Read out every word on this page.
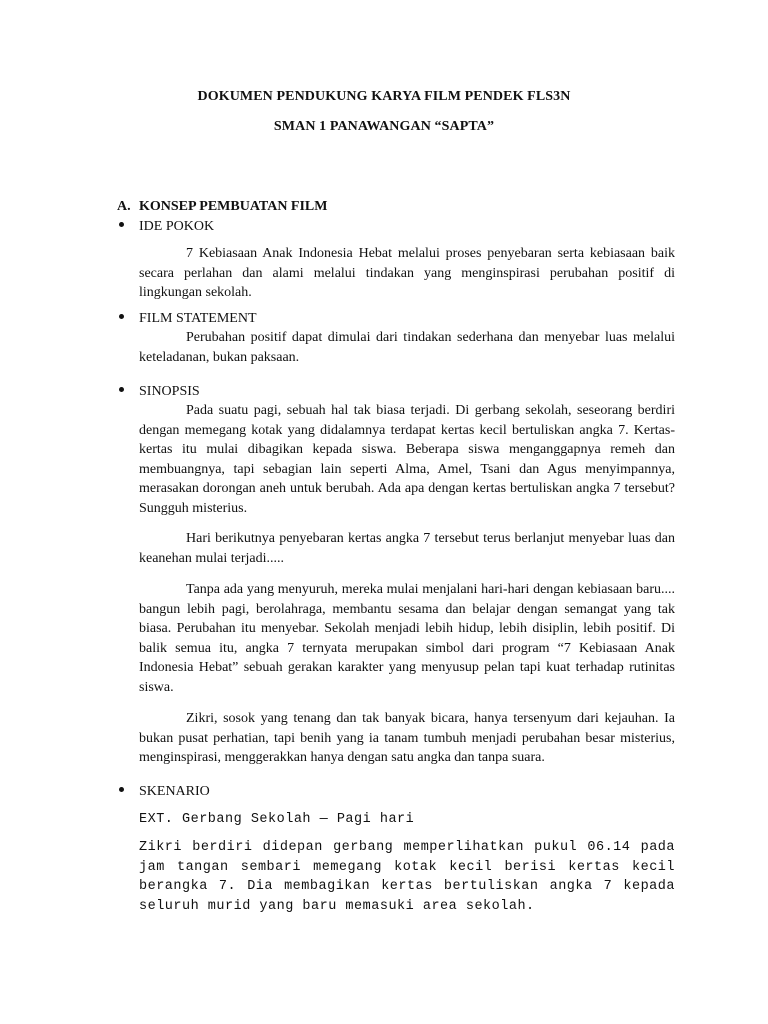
DOKUMEN PENDUKUNG KARYA FILM PENDEK FLS3N
SMAN 1 PANAWANGAN “SAPTA”
A. KONSEP PEMBUATAN FILM
IDE POKOK
7 Kebiasaan Anak Indonesia Hebat melalui proses penyebaran serta kebiasaan baik secara perlahan dan alami melalui tindakan yang menginspirasi perubahan positif di lingkungan sekolah.
FILM STATEMENT
Perubahan positif dapat dimulai dari tindakan sederhana dan menyebar luas melalui keteladanan, bukan paksaan.
SINOPSIS
Pada suatu pagi, sebuah hal tak biasa terjadi. Di gerbang sekolah, seseorang berdiri dengan memegang kotak yang didalamnya terdapat kertas kecil bertuliskan angka 7. Kertas-kertas itu mulai dibagikan kepada siswa. Beberapa siswa menganggapnya remeh dan membuangnya, tapi sebagian lain seperti Alma, Amel, Tsani dan Agus menyimpannya, merasakan dorongan aneh untuk berubah. Ada apa dengan kertas bertuliskan angka 7 tersebut? Sungguh misterius.
Hari berikutnya penyebaran kertas angka 7 tersebut terus berlanjut menyebar luas dan keanehan mulai terjadi.....
Tanpa ada yang menyuruh, mereka mulai menjalani hari-hari dengan kebiasaan baru.... bangun lebih pagi, berolahraga, membantu sesama dan belajar dengan semangat yang tak biasa. Perubahan itu menyebar. Sekolah menjadi lebih hidup, lebih disiplin, lebih positif. Di balik semua itu, angka 7 ternyata merupakan simbol dari program “7 Kebiasaan Anak Indonesia Hebat” sebuah gerakan karakter yang menyusup pelan tapi kuat terhadap rutinitas siswa.
Zikri, sosok yang tenang dan tak banyak bicara, hanya tersenyum dari kejauhan. Ia bukan pusat perhatian, tapi benih yang ia tanam tumbuh menjadi perubahan besar misterius, menginspirasi, menggerakkan hanya dengan satu angka dan tanpa suara.
SKENARIO
EXT. Gerbang Sekolah — Pagi hari
Zikri berdiri didepan gerbang memperlihatkan pukul 06.14 pada jam tangan sembari memegang kotak kecil berisi kertas kecil berangka 7. Dia membagikan kertas bertuliskan angka 7 kepada seluruh murid yang baru memasuki area sekolah.
